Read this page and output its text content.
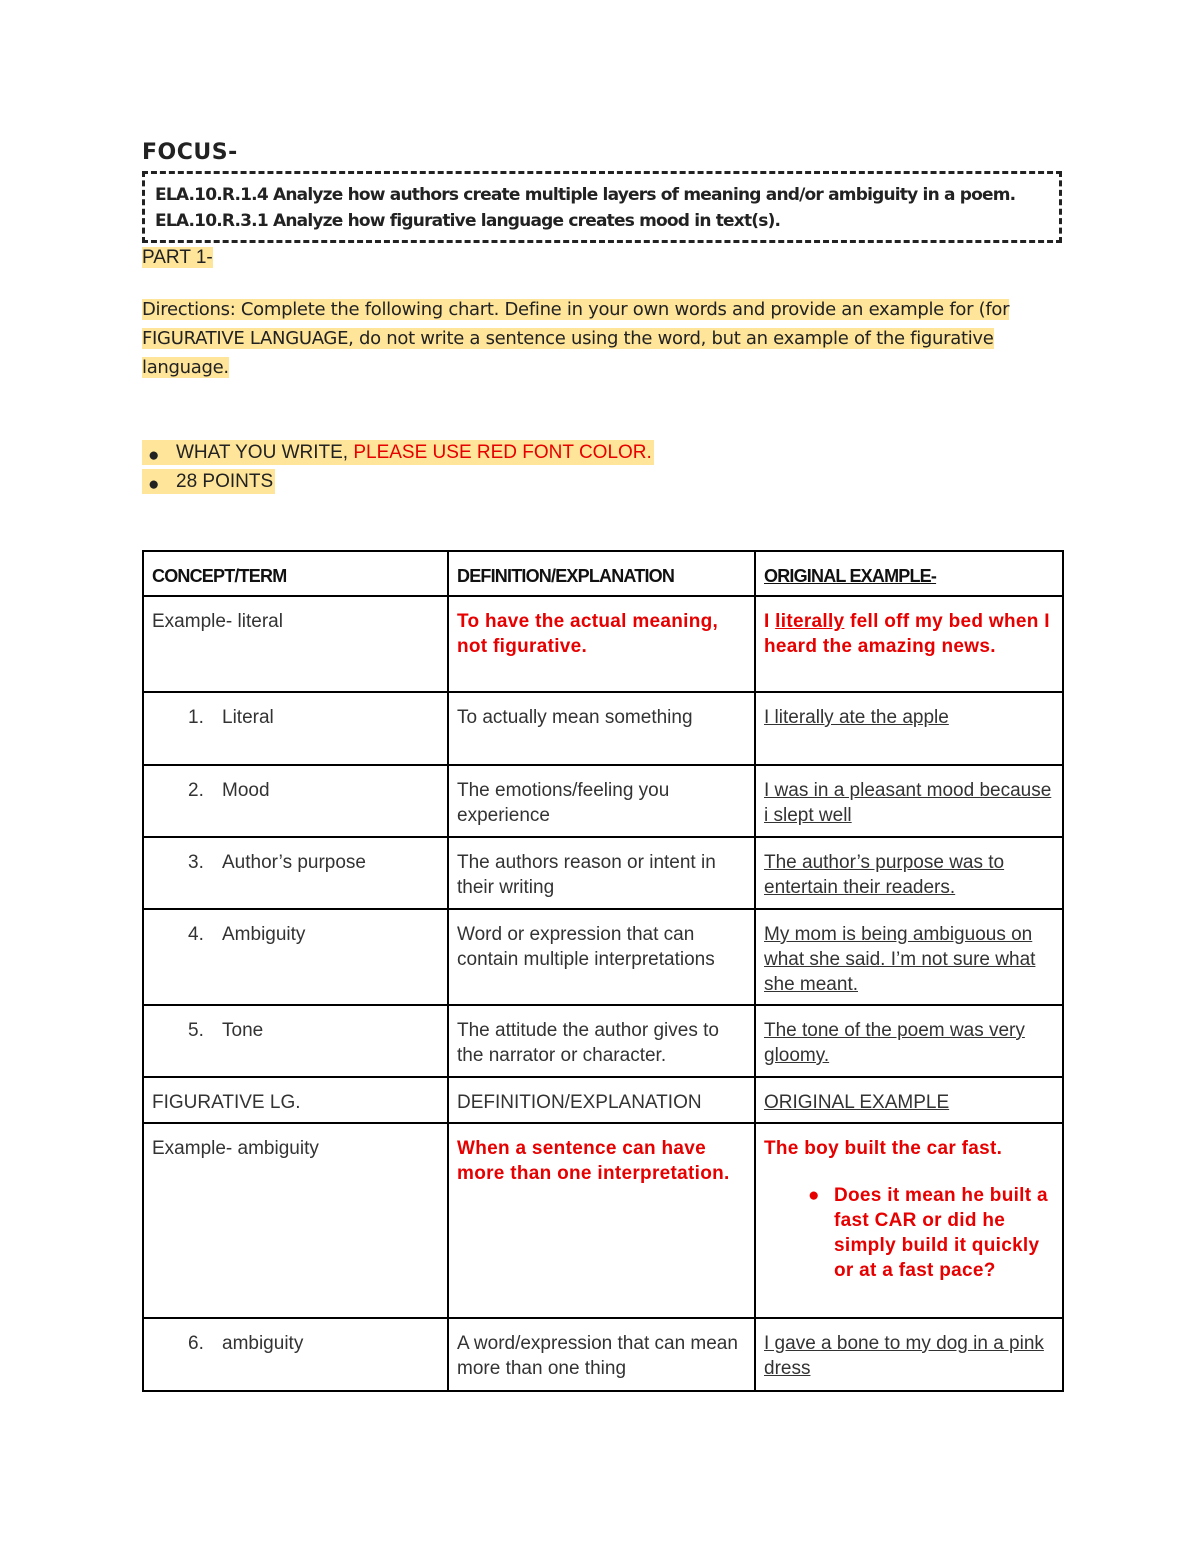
FOCUS-
ELA.10.R.1.4 Analyze how authors create multiple layers of meaning and/or ambiguity in a poem.
ELA.10.R.3.1 Analyze how figurative language creates mood in text(s).
PART 1-
Directions: Complete the following chart. Define in your own words and provide an example for (for FIGURATIVE LANGUAGE, do not write a sentence using the word, but an example of the figurative language.
● WHAT YOU WRITE, PLEASE USE RED FONT COLOR.
● 28 POINTS
CONCEPT/TERM	DEFINITION/EXPLANATION	ORIGINAL EXAMPLE-
Example- literal	To have the actual meaning, not figurative.	I literally fell off my bed when I heard the amazing news.
1. Literal	To actually mean something	I literally ate the apple
2. Mood	The emotions/feeling you experience	I was in a pleasant mood because i slept well
3. Author’s purpose	The authors reason or intent in their writing	The author’s purpose was to entertain their readers.
4. Ambiguity	Word or expression that can contain multiple interpretations	My mom is being ambiguous on what she said. I’m not sure what she meant.
5. Tone	The attitude the author gives to the narrator or character.	The tone of the poem was very gloomy.
FIGURATIVE LG.	DEFINITION/EXPLANATION	ORIGINAL EXAMPLE
Example- ambiguity	When a sentence can have more than one interpretation.	The boy built the car fast.
● Does it mean he built a fast CAR or did he simply build it quickly or at a fast pace?

6. ambiguity	A word/expression that can mean more than one thing	I gave a bone to my dog in a pink dress
